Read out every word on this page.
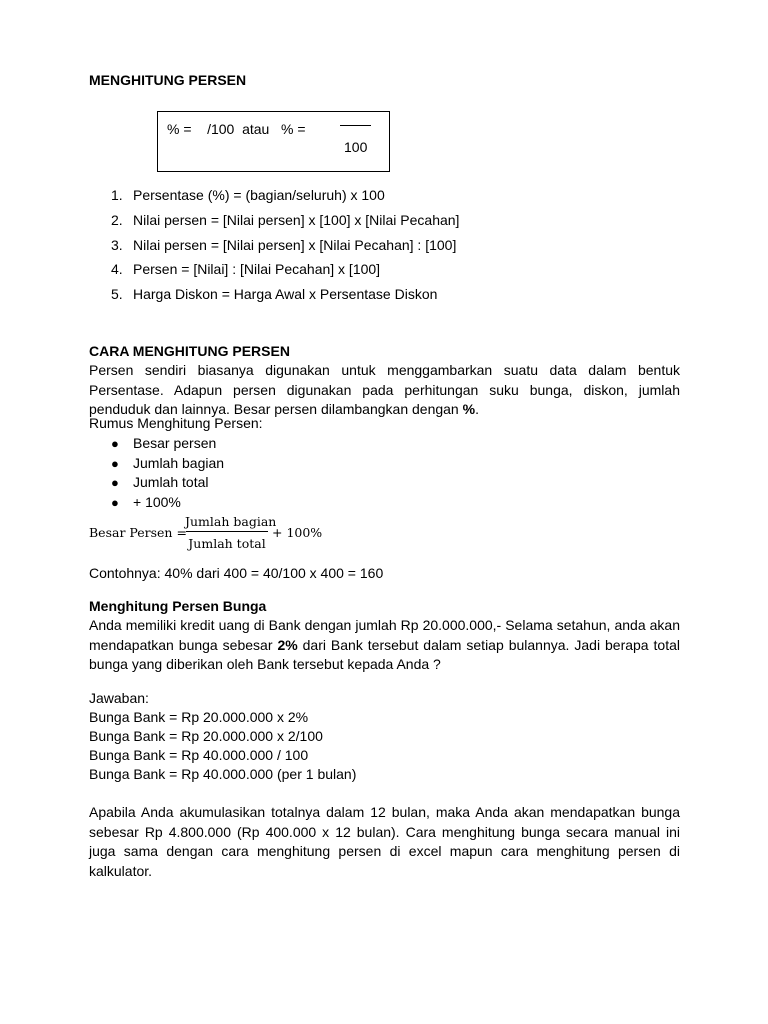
MENGHITUNG PERSEN
% =    /100  atau   % =
100
1. Persentase (%) = (bagian/seluruh) x 100
2. Nilai persen = [Nilai persen] x [100] x [Nilai Pecahan]
3. Nilai persen = [Nilai persen] x [Nilai Pecahan] : [100]
4. Persen = [Nilai] : [Nilai Pecahan] x [100]
5. Harga Diskon = Harga Awal x Persentase Diskon
CARA MENGHITUNG PERSEN
Persen sendiri biasanya digunakan untuk menggambarkan suatu data dalam bentuk Persentase. Adapun persen digunakan pada perhitungan suku bunga, diskon, jumlah penduduk dan lainnya. Besar persen dilambangkan dengan %.
Rumus Menghitung Persen:
● Besar persen
● Jumlah bagian
● Jumlah total
● + 100%
Besar Persen =
Jumlah bagian
Jumlah total
+ 100%
Contohnya: 40% dari 400 = 40/100 x 400 = 160
Menghitung Persen Bunga
Anda memiliki kredit uang di Bank dengan jumlah Rp 20.000.000,- Selama setahun, anda akan mendapatkan bunga sebesar 2% dari Bank tersebut dalam setiap bulannya. Jadi berapa total bunga yang diberikan oleh Bank tersebut kepada Anda ?
Jawaban:
Bunga Bank = Rp 20.000.000 x 2%
Bunga Bank = Rp 20.000.000 x 2/100
Bunga Bank = Rp 40.000.000 / 100
Bunga Bank = Rp 40.000.000 (per 1 bulan)
Apabila Anda akumulasikan totalnya dalam 12 bulan, maka Anda akan mendapatkan bunga sebesar Rp 4.800.000 (Rp 400.000 x 12 bulan). Cara menghitung bunga secara manual ini juga sama dengan cara menghitung persen di excel mapun cara menghitung persen di kalkulator.
